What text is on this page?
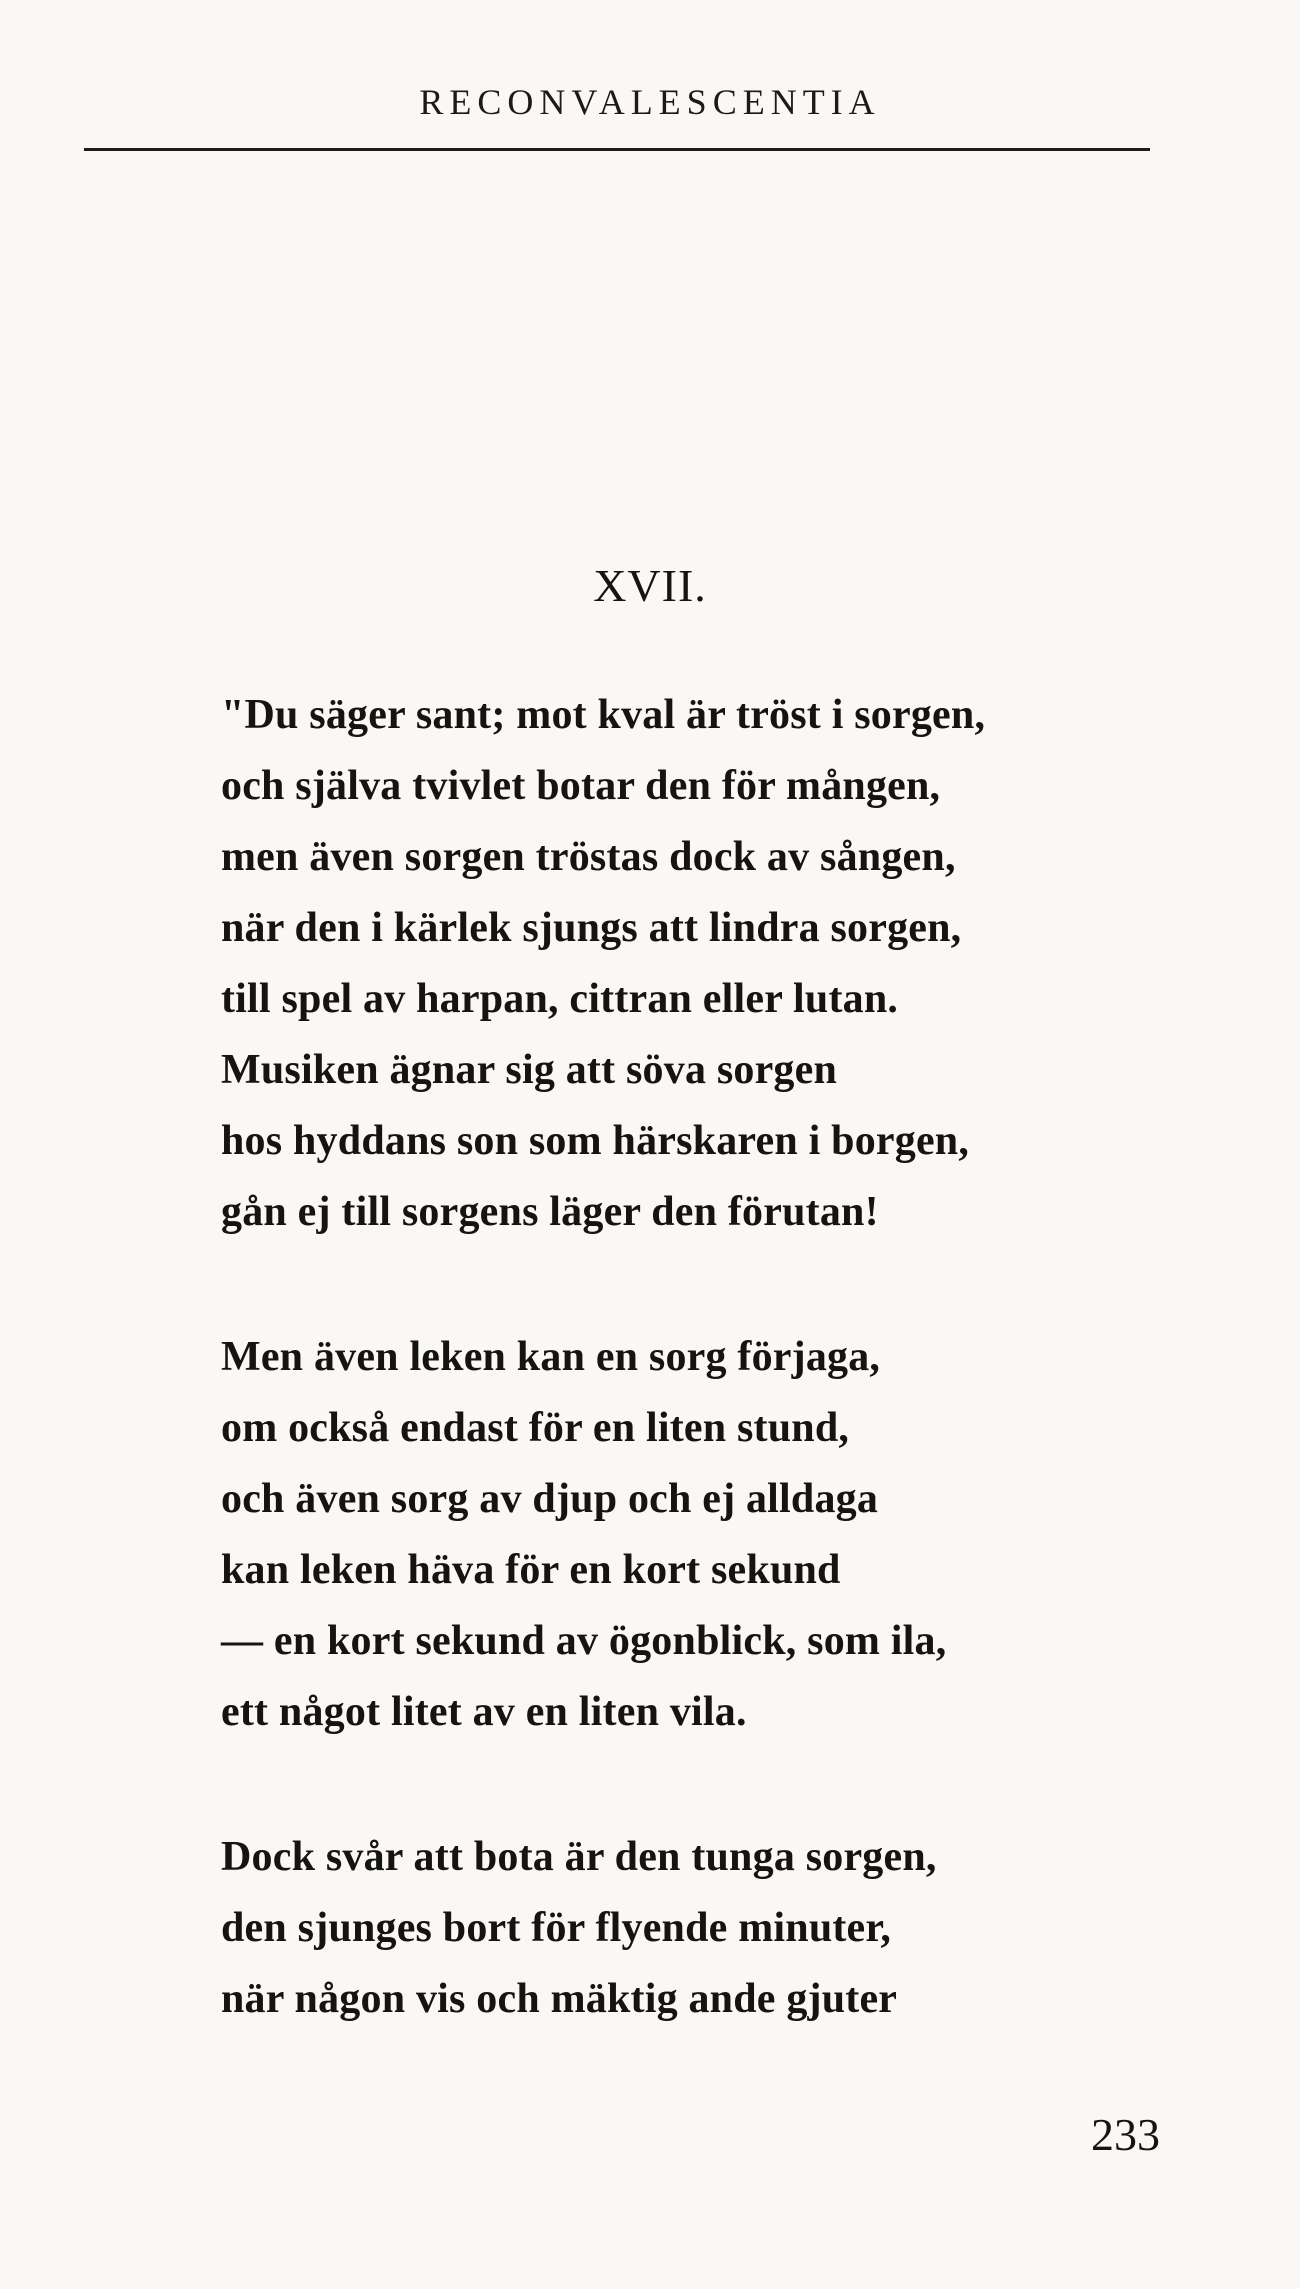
RECONVALESCENTIA
XVII.
"Du säger sant; mot kval är tröst i sorgen,
och själva tvivlet botar den för mången,
men även sorgen tröstas dock av sången,
när den i kärlek sjungs att lindra sorgen,
till spel av harpan, cittran eller lutan.
Musiken ägnar sig att söva sorgen
hos hyddans son som härskaren i borgen,
gån ej till sorgens läger den förutan!
Men även leken kan en sorg förjaga,
om också endast för en liten stund,
och även sorg av djup och ej alldaga
kan leken häva för en kort sekund
— en kort sekund av ögonblick, som ila,
ett något litet av en liten vila.
Dock svår att bota är den tunga sorgen,
den sjunges bort för flyende minuter,
när någon vis och mäktig ande gjuter
233
